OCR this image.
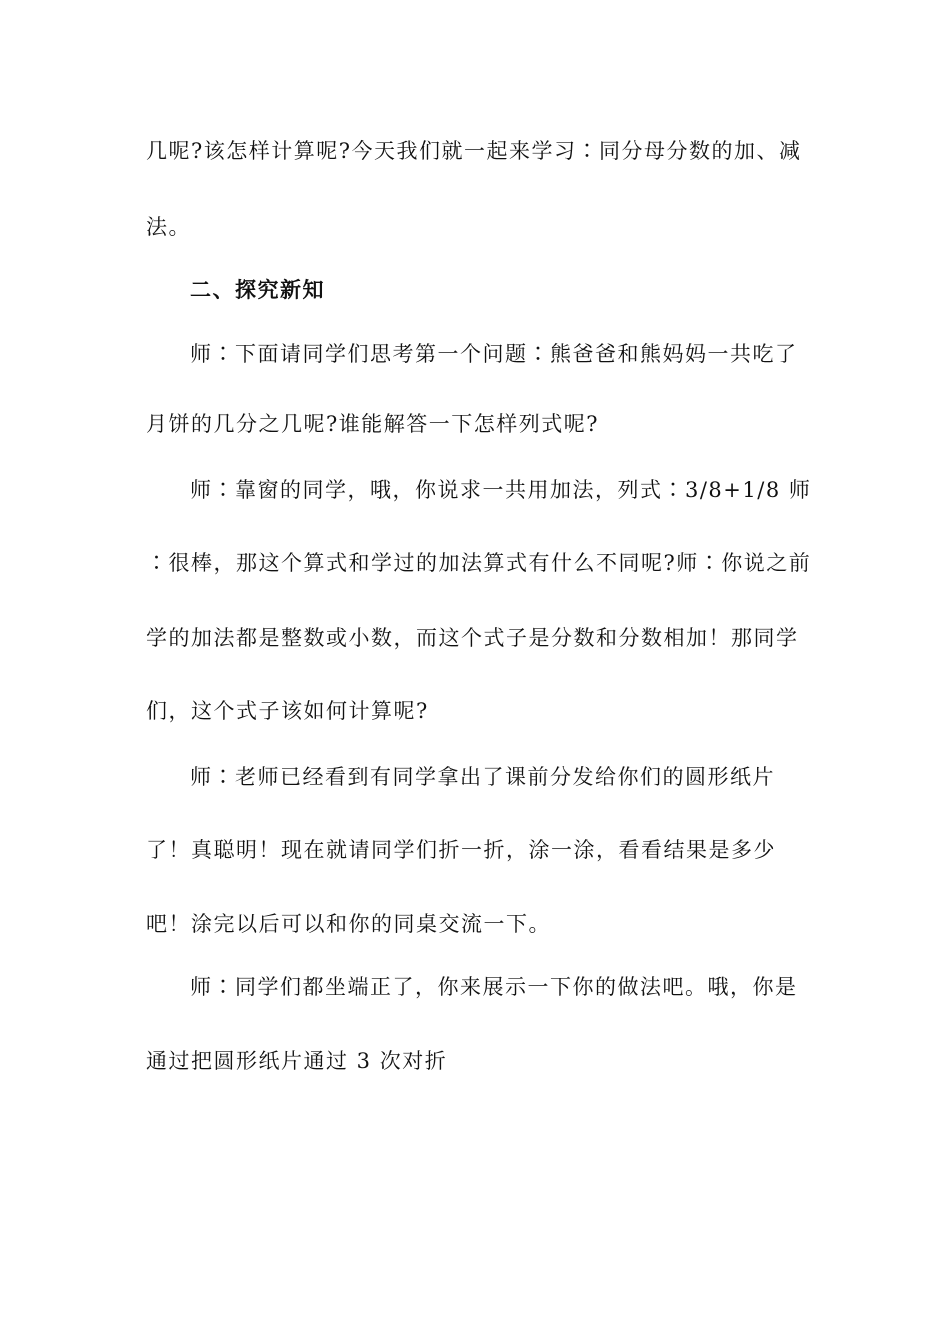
几呢?该怎样计算呢?今天我们就一起来学习∶同分母分数的加、减
法。
二、探究新知
师∶下面请同学们思考第一个问题∶熊爸爸和熊妈妈一共吃了
月饼的几分之几呢?谁能解答一下怎样列式呢?
师∶靠窗的同学，哦，你说求一共用加法，列式∶3/8+1/8 师
∶很棒，那这个算式和学过的加法算式有什么不同呢?师∶你说之前
学的加法都是整数或小数，而这个式子是分数和分数相加！那同学
们，这个式子该如何计算呢?
师∶老师已经看到有同学拿出了课前分发给你们的圆形纸片
了！真聪明！现在就请同学们折一折，涂一涂，看看结果是多少
吧！涂完以后可以和你的同桌交流一下。
师∶同学们都坐端正了，你来展示一下你的做法吧。哦，你是
通过把圆形纸片通过 3 次对折
